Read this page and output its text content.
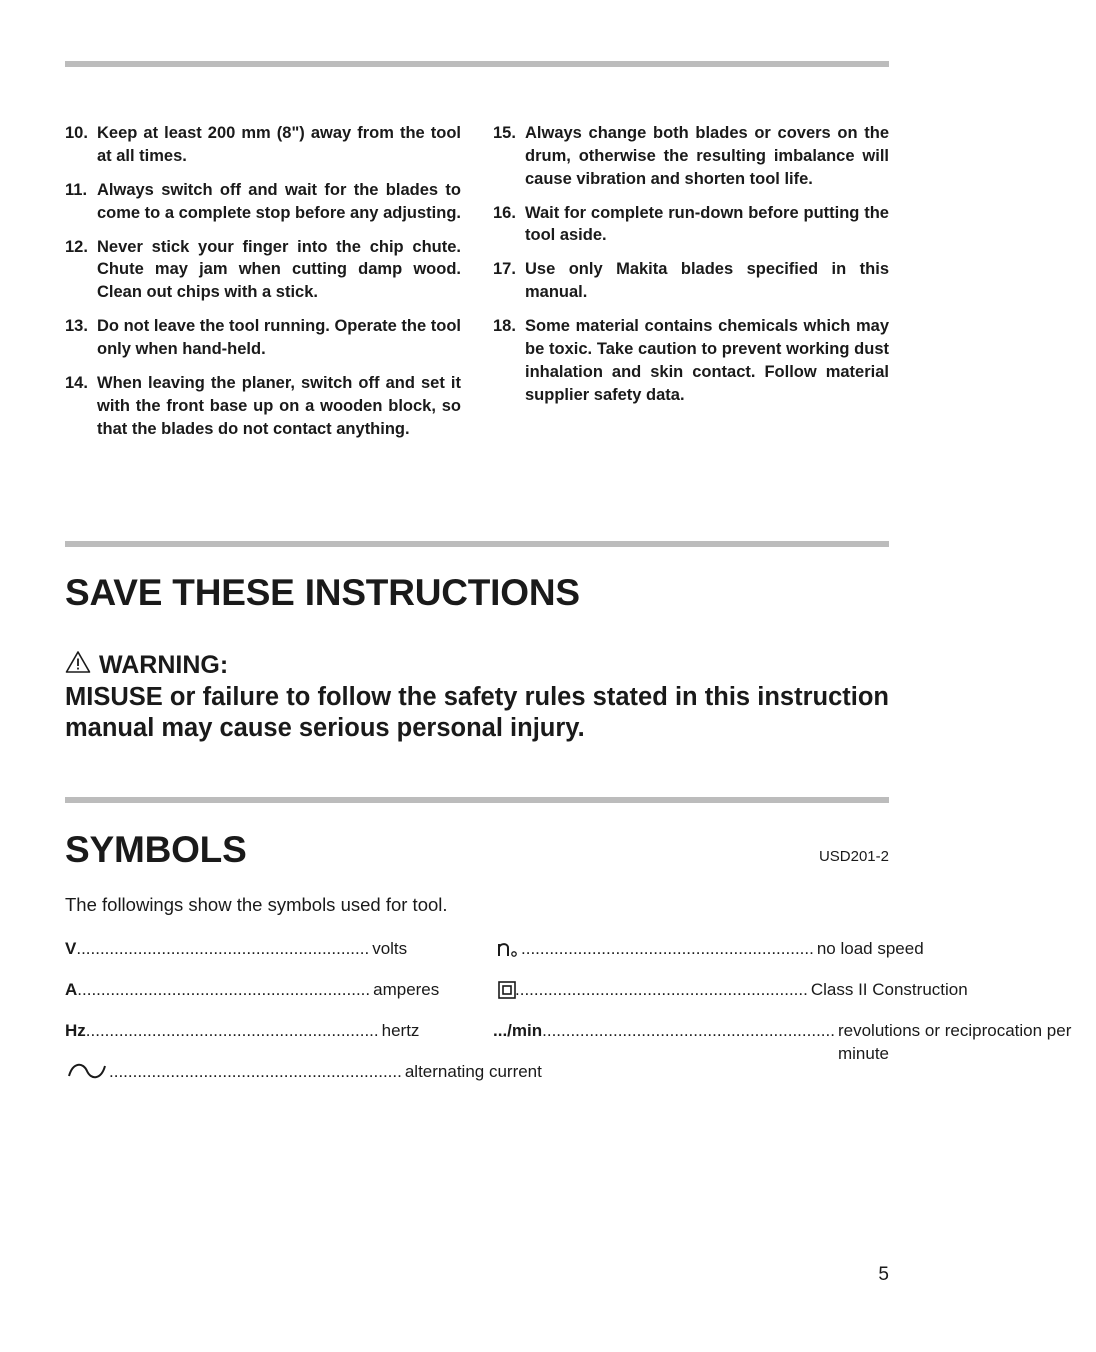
10. Keep at least 200 mm (8") away from the tool at all times.
11. Always switch off and wait for the blades to come to a complete stop before any adjusting.
12. Never stick your finger into the chip chute. Chute may jam when cutting damp wood. Clean out chips with a stick.
13. Do not leave the tool running. Operate the tool only when hand-held.
14. When leaving the planer, switch off and set it with the front base up on a wooden block, so that the blades do not contact anything.
15. Always change both blades or covers on the drum, otherwise the resulting imbalance will cause vibration and shorten tool life.
16. Wait for complete run-down before putting the tool aside.
17. Use only Makita blades specified in this manual.
18. Some material contains chemicals which may be toxic. Take caution to prevent working dust inhalation and skin contact. Follow material supplier safety data.
SAVE THESE INSTRUCTIONS
WARNING:
MISUSE or failure to follow the safety rules stated in this instruction manual may cause serious personal injury.
SYMBOLS	USD201-2
The followings show the symbols used for tool.
V .............................................................. volts
A .............................................................. amperes
Hz .............................................................. hertz
.............................................................. alternating current
.............................................................. no load speed
.............................................................. Class II Construction
.../min .............................................................. revolutions or reciprocation per minute
5
